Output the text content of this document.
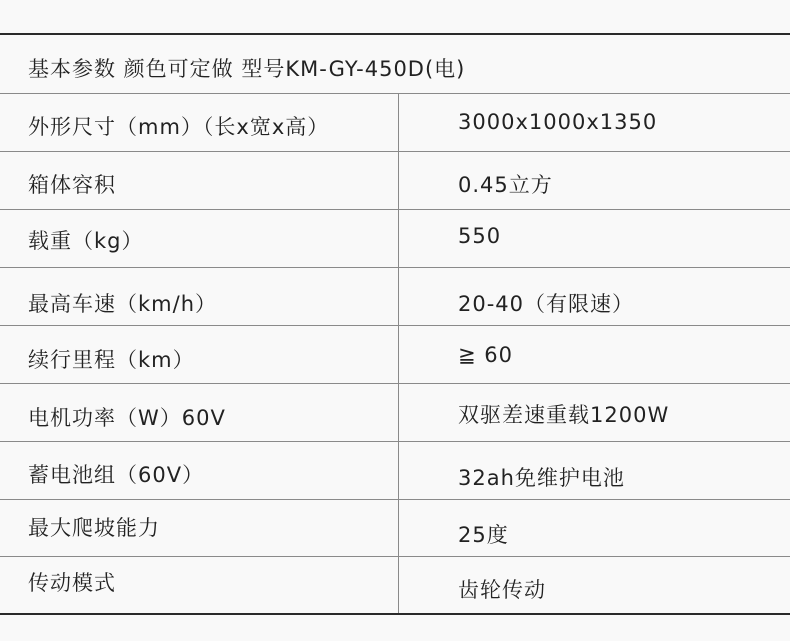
基本参数 颜色可定做 型号KM-GY-450D(电)
外形尺寸（mm）（长x宽x高）	3000x1000x1350
箱体容积	0.45立方
载重（kg）	550
最高车速（km/h）	20-40（有限速）
续行里程（km）	≧ 60
电机功率（W）60V	双驱差速重载1200W
蓄电池组（60V）	32ah免维护电池
最大爬坡能力	25度
传动模式	齿轮传动
